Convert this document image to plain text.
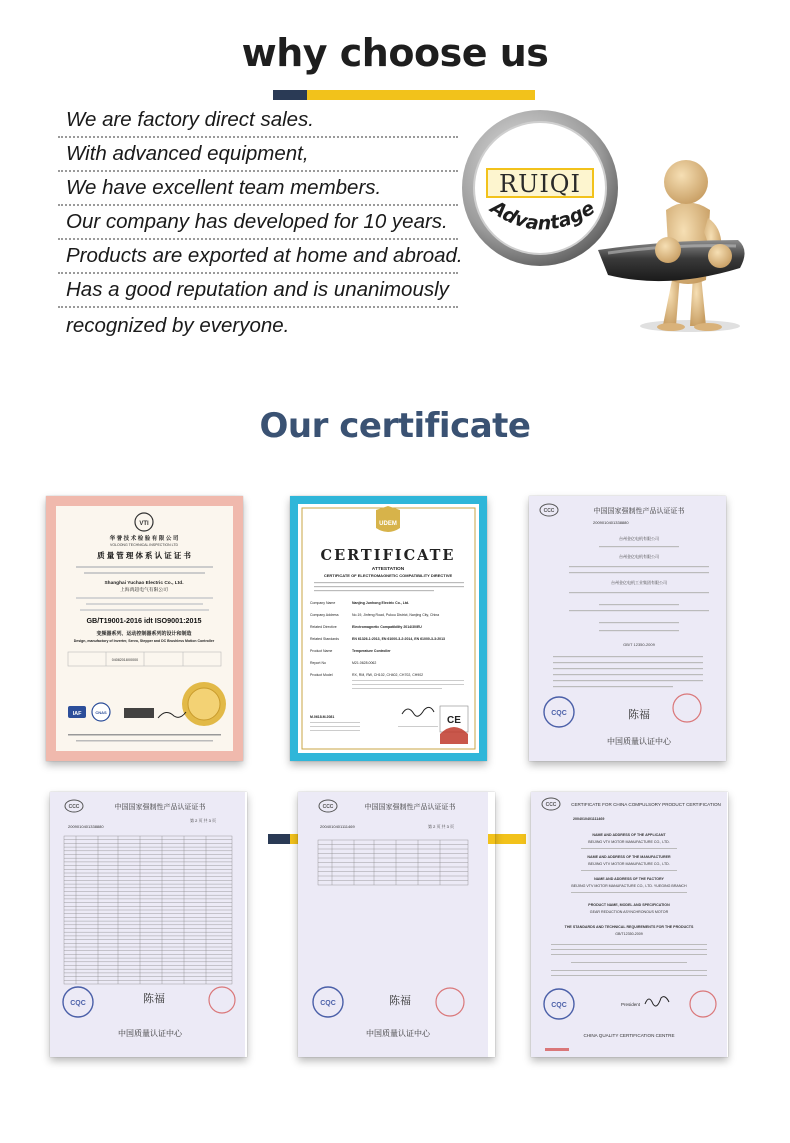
why choose us
We are factory direct sales.
With advanced equipment,
We have excellent team members.
Our company has developed for 10 years.
Products are exported at home and abroad.
Has a good reputation and is unanimously
recognized by everyone.
RUIQI
Advantage
Our certificate
VTI
华 誉 技 术 检 验 有 限 公 司
VOLOONG TECHNICAL INSPECTION LTD
质 量 管 理 体 系 认 证 证 书
Shanghai Yuchao Electric Co., Ltd.
上海禹超电气有限公司
GB/T19001-2016 idt ISO9001:2015
变频器系列、运动控制器系列的设计和制造
Design, manufactory of Inverter, Servo, Stepper and DC Brushless Motion Controller
04082018X0000
IAF	CNAS
UDEM
CERTIFICATE
ATTESTATION
CERTIFICATE OF ELECTROMAGNETIC COMPATIBILITY DIRECTIVE
Company Name	Nanjing Junhong Electric Co., Ltd.
Company Address	No.19, Jinfeng Road, Pukou District, Nanjing City, China
Related Directive	Electromagnetic Compatibility 2014/30/EU
Related Standards	EN 61326-1:2013, EN 61000-3-2:2014, EN 61000-3-3:2013
Product Name	Temperature Controller
Report No	M21.0628.0062
Product Model	RX, RM, RW, CH102, CH402, CH702, CH902
M.0618.M.2081	CE
CCC	中国国家强制性产品认证证书
2009010401338880
台州金亿电机有限公司
台州金亿电机有限公司
台州金亿电机工业集团有限公司
GB/T 12350-2009
CQC	陈福
中国质量认证中心
CCC	中国国家强制性产品认证证书
2009010401338880
第 2 页 共 3 页
CQC	陈福
中国质量认证中心
CCC	中国国家强制性产品认证证书
2004010401111469	第 2 页 共 3 页
CQC	陈福
中国质量认证中心
CCC	CERTIFICATE FOR CHINA COMPULSORY PRODUCT CERTIFICATION
2004010401111469
NAME AND ADDRESS OF THE APPLICANT
BEIJING VTV MOTOR MANUFACTURE CO., LTD.
NAME AND ADDRESS OF THE MANUFACTURER
BEIJING VTV MOTOR MANUFACTURE CO., LTD.
NAME AND ADDRESS OF THE FACTORY
BEIJING VTV MOTOR MANUFACTURE CO., LTD. YUEGING BRANCH
PRODUCT NAME, MODEL AND SPECIFICATION
GEAR REDUCTION ASYNCHRONOUS MOTOR
THE STANDARDS AND TECHNICAL REQUIREMENTS FOR THE PRODUCTS
GB/T12350-2009
CQC	President
CHINA QUALITY CERTIFICATION CENTRE
